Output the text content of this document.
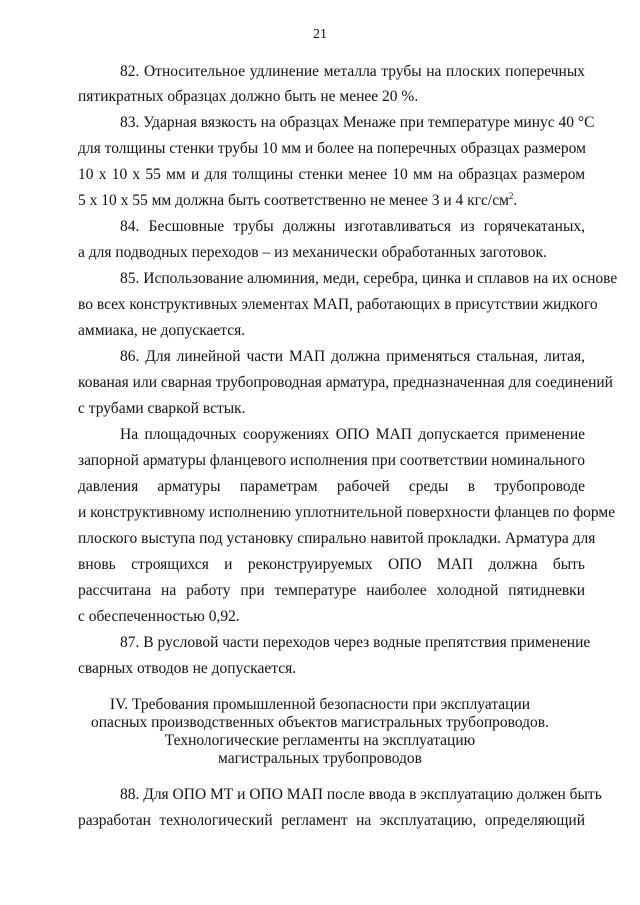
21
82. Относительное удлинение металла трубы на плоских поперечных
пятикратных образцах должно быть не менее 20 %.
83. Ударная вязкость на образцах Менаже при температуре минус 40 °С
для толщины стенки трубы 10 мм и более на поперечных образцах размером
10 х 10 х 55 мм и для толщины стенки менее 10 мм на образцах размером
5 х 10 х 55 мм должна быть соответственно не менее 3 и 4 кгс/$см^2$.
84. Бесшовные трубы должны изготавливаться из горячекатаных,
а для подводных переходов – из механически обработанных заготовок.
85. Использование алюминия, меди, серебра, цинка и сплавов на их основе
во всех конструктивных элементах МАП, работающих в присутствии жидкого
аммиака, не допускается.
86. Для линейной части МАП должна применяться стальная, литая,
кованая или сварная трубопроводная арматура, предназначенная для соединений
с трубами сваркой встык.
На площадочных сооружениях ОПО МАП допускается применение
запорной арматуры фланцевого исполнения при соответствии номинального
давления арматуры параметрам рабочей среды в трубопроводе
и конструктивному исполнению уплотнительной поверхности фланцев по форме
плоского выступа под установку спирально навитой прокладки. Арматура для
вновь строящихся и реконструируемых ОПО МАП должна быть
рассчитана на работу при температуре наиболее холодной пятидневки
с обеспеченностью 0,92.
87. В русловой части переходов через водные препятствия применение
сварных отводов не допускается.
IV. Требования промышленной безопасности при эксплуатации
опасных производственных объектов магистральных трубопроводов.
Технологические регламенты на эксплуатацию
магистральных трубопроводов
88. Для ОПО МТ и ОПО МАП после ввода в эксплуатацию должен быть
разработан технологический регламент на эксплуатацию, определяющий
